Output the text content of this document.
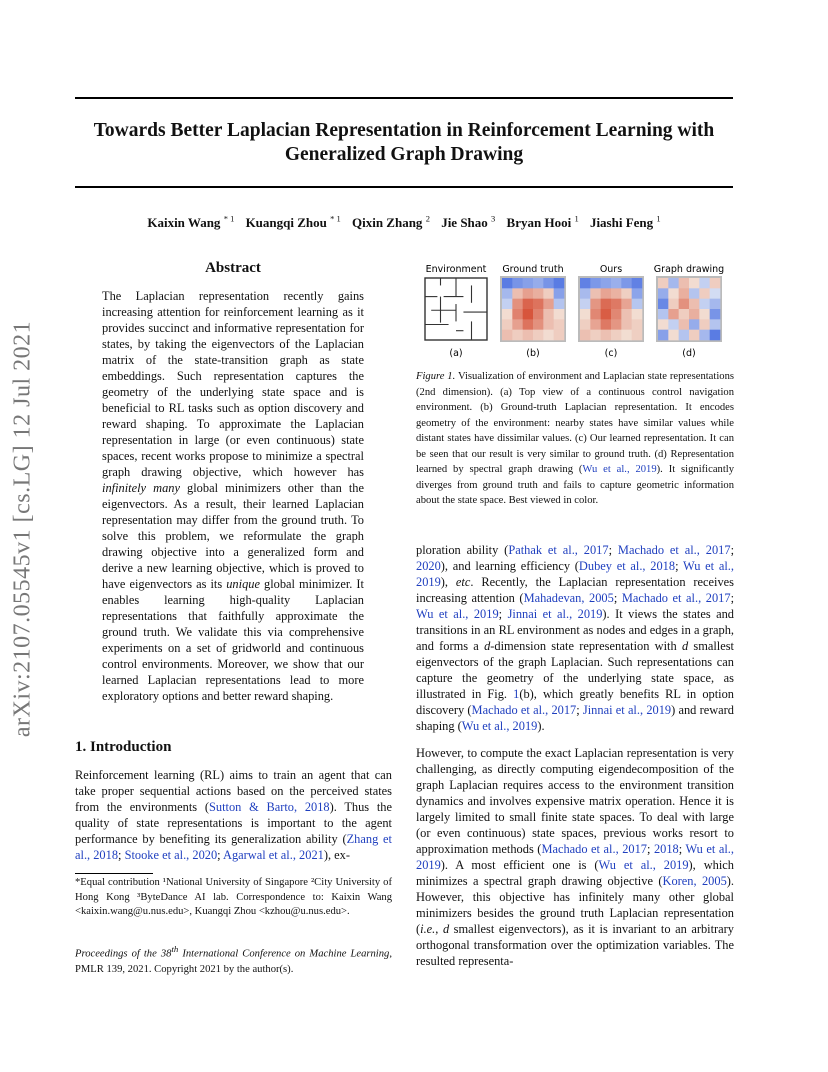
arXiv:2107.05545v1 [cs.LG] 12 Jul 2021
Towards Better Laplacian Representation in Reinforcement Learning with Generalized Graph Drawing
Kaixin Wang $^{* 1}$ Kuangqi Zhou $^{* 1}$ Qixin Zhang $^2$ Jie Shao $^3$ Bryan Hooi $^1$ Jiashi Feng $^1$
Abstract

The Laplacian representation recently gains increasing attention for reinforcement learning as it provides succinct and informative representation for states, by taking the eigenvectors of the Laplacian matrix of the state-transition graph as state embeddings. Such representation captures the geometry of the underlying state space and is beneficial to RL tasks such as option discovery and reward shaping. To approximate the Laplacian representation in large (or even continuous) state spaces, recent works propose to minimize a spectral graph drawing objective, which however has infinitely many global minimizers other than the eigenvectors. As a result, their learned Laplacian representation may differ from the ground truth. To solve this problem, we reformulate the graph drawing objective into a generalized form and derive a new learning objective, which is proved to have eigenvectors as its unique global minimizer. It enables learning high-quality Laplacian representations that faithfully approximate the ground truth. We validate this via comprehensive experiments on a set of gridworld and continuous control environments. Moreover, we show that our learned Laplacian representations lead to more exploratory options and better reward shaping.

1. Introduction

Reinforcement learning (RL) aims to train an agent that can take proper sequential actions based on the perceived states from the environments (Sutton & Barto, 2018). Thus the quality of state representations is important to the agent performance by benefiting its generalization ability (Zhang et al., 2018; Stooke et al., 2020; Agarwal et al., 2021), ex-

*Equal contribution ¹National University of Singapore ²City University of Hong Kong ³ByteDance AI lab. Correspondence to: Kaixin Wang <kaixin.wang@u.nus.edu>, Kuangqi Zhou <kzhou@u.nus.edu>.

Proceedings of the 38th International Conference on Machine Learning, PMLR 139, 2021. Copyright 2021 by the author(s).

Environment Ground truth	Ours	Graph drawing
(a)	(b)	(c)	(d)

Figure 1. Visualization of environment and Laplacian state representations (2nd dimension). (a) Top view of a continuous control navigation environment. (b) Ground-truth Laplacian representation. It encodes geometry of the environment: nearby states have similar values while distant states have dissimilar values. (c) Our learned representation. It can be seen that our result is very similar to ground truth. (d) Representation learned by spectral graph drawing (Wu et al., 2019). It significantly diverges from ground truth and fails to capture geometric information about the state space. Best viewed in color.

ploration ability (Pathak et al., 2017; Machado et al., 2017; 2020), and learning efficiency (Dubey et al., 2018; Wu et al., 2019), etc. Recently, the Laplacian representation receives increasing attention (Mahadevan, 2005; Machado et al., 2017; Wu et al., 2019; Jinnai et al., 2019). It views the states and transitions in an RL environment as nodes and edges in a graph, and forms a d-dimension state representation with d smallest eigenvectors of the graph Laplacian. Such representations can capture the geometry of the underlying state space, as illustrated in Fig. 1(b), which greatly benefits RL in option discovery (Machado et al., 2017; Jinnai et al., 2019) and reward shaping (Wu et al., 2019).

However, to compute the exact Laplacian representation is very challenging, as directly computing eigendecomposition of the graph Laplacian requires access to the environment transition dynamics and involves expensive matrix operation. Hence it is largely limited to small finite state spaces. To deal with large (or even continuous) state spaces, previous works resort to approximation methods (Machado et al., 2017; 2018; Wu et al., 2019). A most efficient one is (Wu et al., 2019), which minimizes a spectral graph drawing objective (Koren, 2005). However, this objective has infinitely many other global minimizers besides the ground truth Laplacian representation (i.e., d smallest eigenvectors), as it is invariant to an arbitrary orthogonal transformation over the optimization variables. The resulted representa-
